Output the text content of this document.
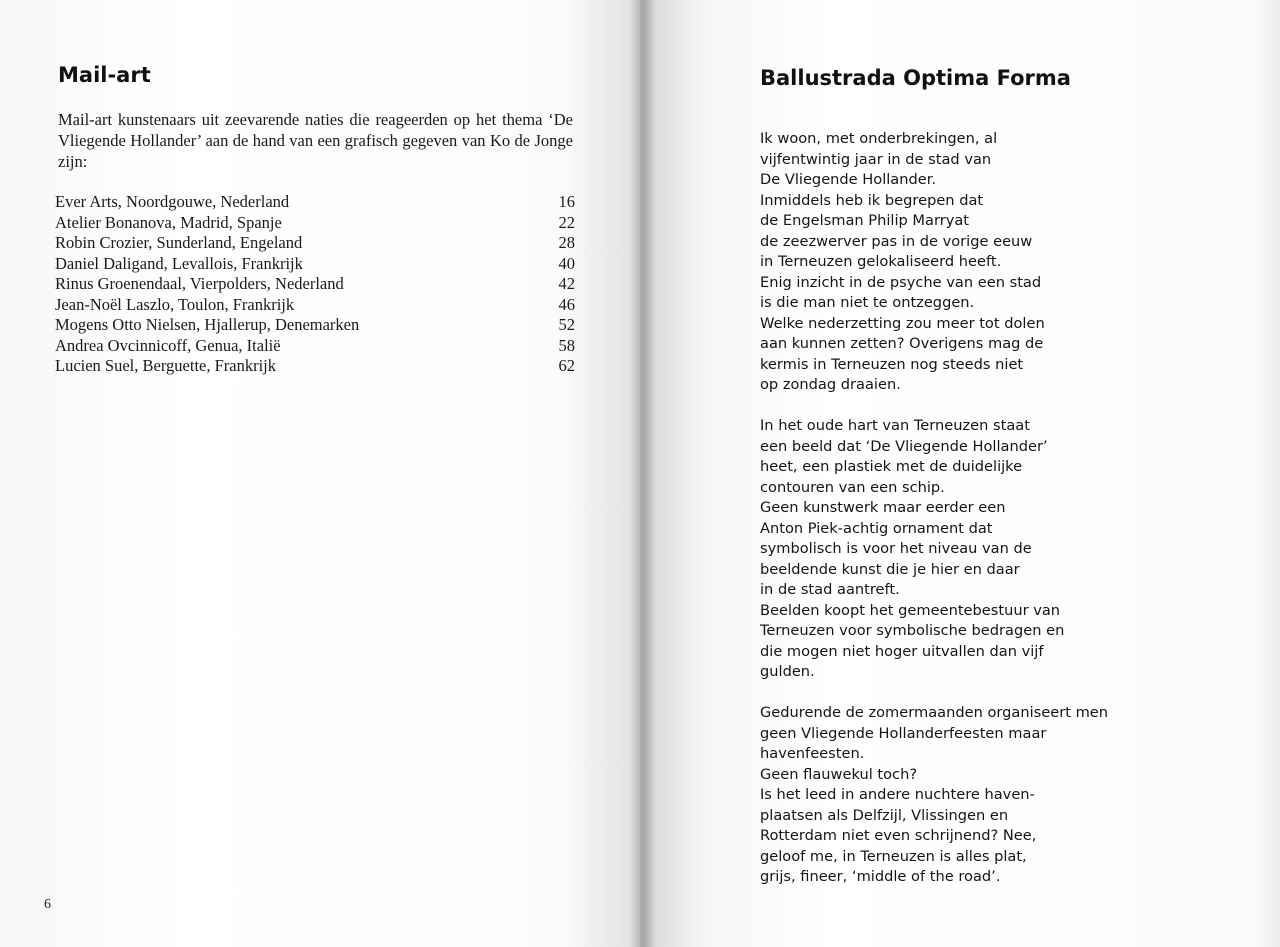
Mail-art

Mail-art kunstenaars uit zeevarende naties die reageerden op het thema ‘De Vliegende Hollander’ aan de hand van een grafisch gegeven van Ko de Jonge zijn:

Ever Arts, Noordgouwe, Nederland	16
Atelier Bonanova, Madrid, Spanje	22
Robin Crozier, Sunderland, Engeland	28
Daniel Daligand, Levallois, Frankrijk	40
Rinus Groenendaal, Vierpolders, Nederland	42
Jean-Noël Laszlo, Toulon, Frankrijk	46
Mogens Otto Nielsen, Hjallerup, Denemarken	52
Andrea Ovcinnicoff, Genua, Italië	58
Lucien Suel, Berguette, Frankrijk	62
6
Ballustrada Optima Forma

Ik woon, met onderbrekingen, al
vijfentwintig jaar in de stad van
De Vliegende Hollander.
Inmiddels heb ik begrepen dat
de Engelsman Philip Marryat
de zeezwerver pas in de vorige eeuw
in Terneuzen gelokaliseerd heeft.
Enig inzicht in de psyche van een stad
is die man niet te ontzeggen.
Welke nederzetting zou meer tot dolen
aan kunnen zetten? Overigens mag de
kermis in Terneuzen nog steeds niet
op zondag draaien.

In het oude hart van Terneuzen staat
een beeld dat ‘De Vliegende Hollander’
heet, een plastiek met de duidelijke
contouren van een schip.
Geen kunstwerk maar eerder een
Anton Piek-achtig ornament dat
symbolisch is voor het niveau van de
beeldende kunst die je hier en daar
in de stad aantreft.
Beelden koopt het gemeentebestuur van
Terneuzen voor symbolische bedragen en
die mogen niet hoger uitvallen dan vijf
gulden.

Gedurende de zomermaanden organiseert men
geen Vliegende Hollanderfeesten maar
havenfeesten.
Geen flauwekul toch?
Is het leed in andere nuchtere haven-
plaatsen als Delfzijl, Vlissingen en
Rotterdam niet even schrijnend? Nee,
geloof me, in Terneuzen is alles plat,
grijs, fineer, ‘middle of the road’.
